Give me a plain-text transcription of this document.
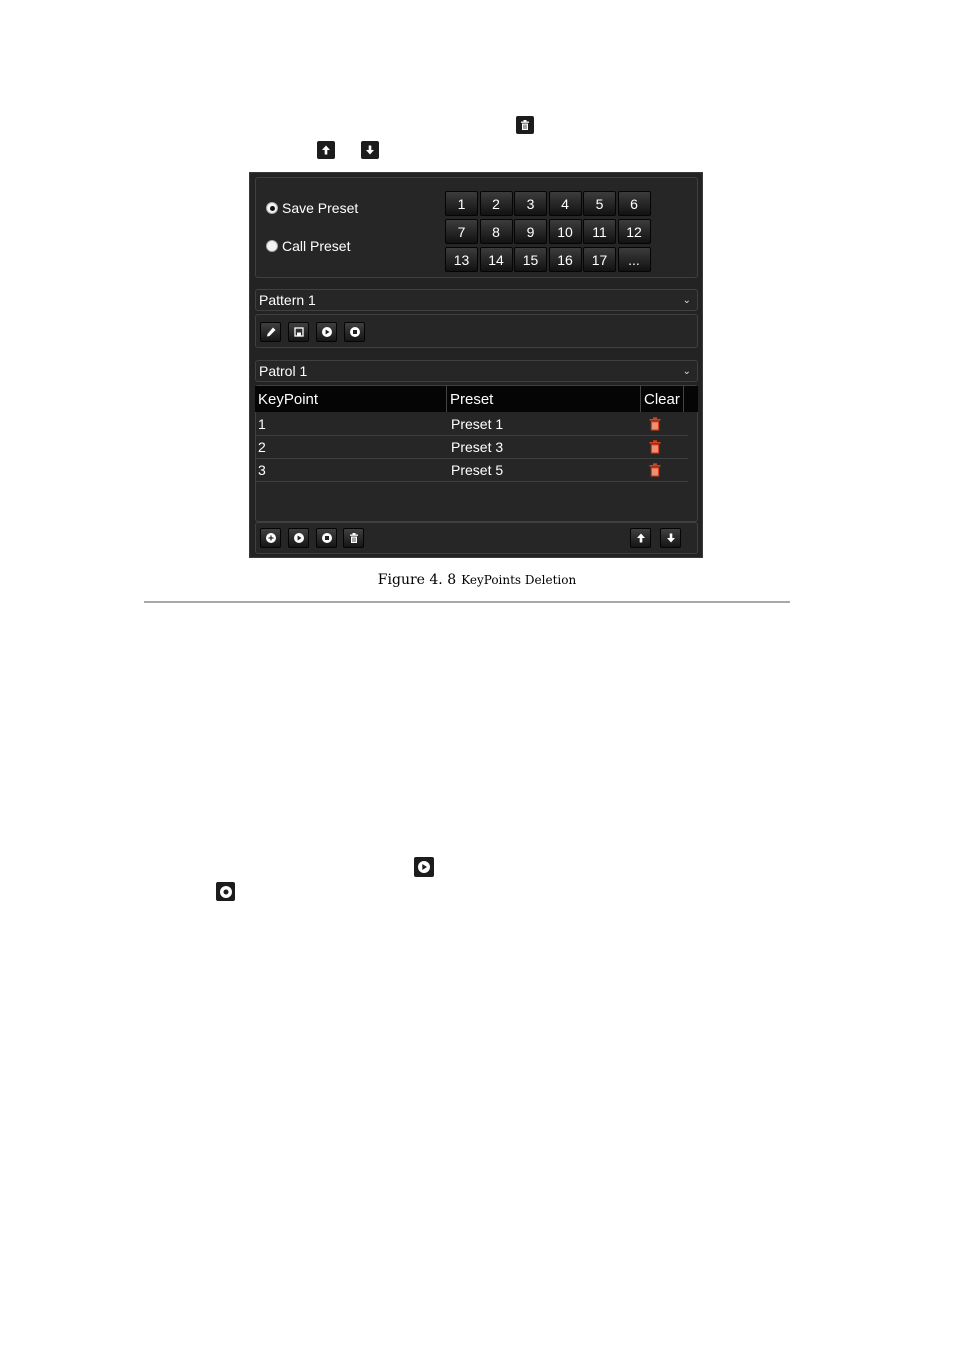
Save Preset
Call Preset
1	2	3	4	5	6
7	8	9	10	11	12
13	14	15	16	17	...
Pattern 1	⌄
Patrol 1	⌄
KeyPoint	Preset	Clear
1	Preset 1
2	Preset 3
3	Preset 5
Figure 4. 8 KeyPoints Deletion
